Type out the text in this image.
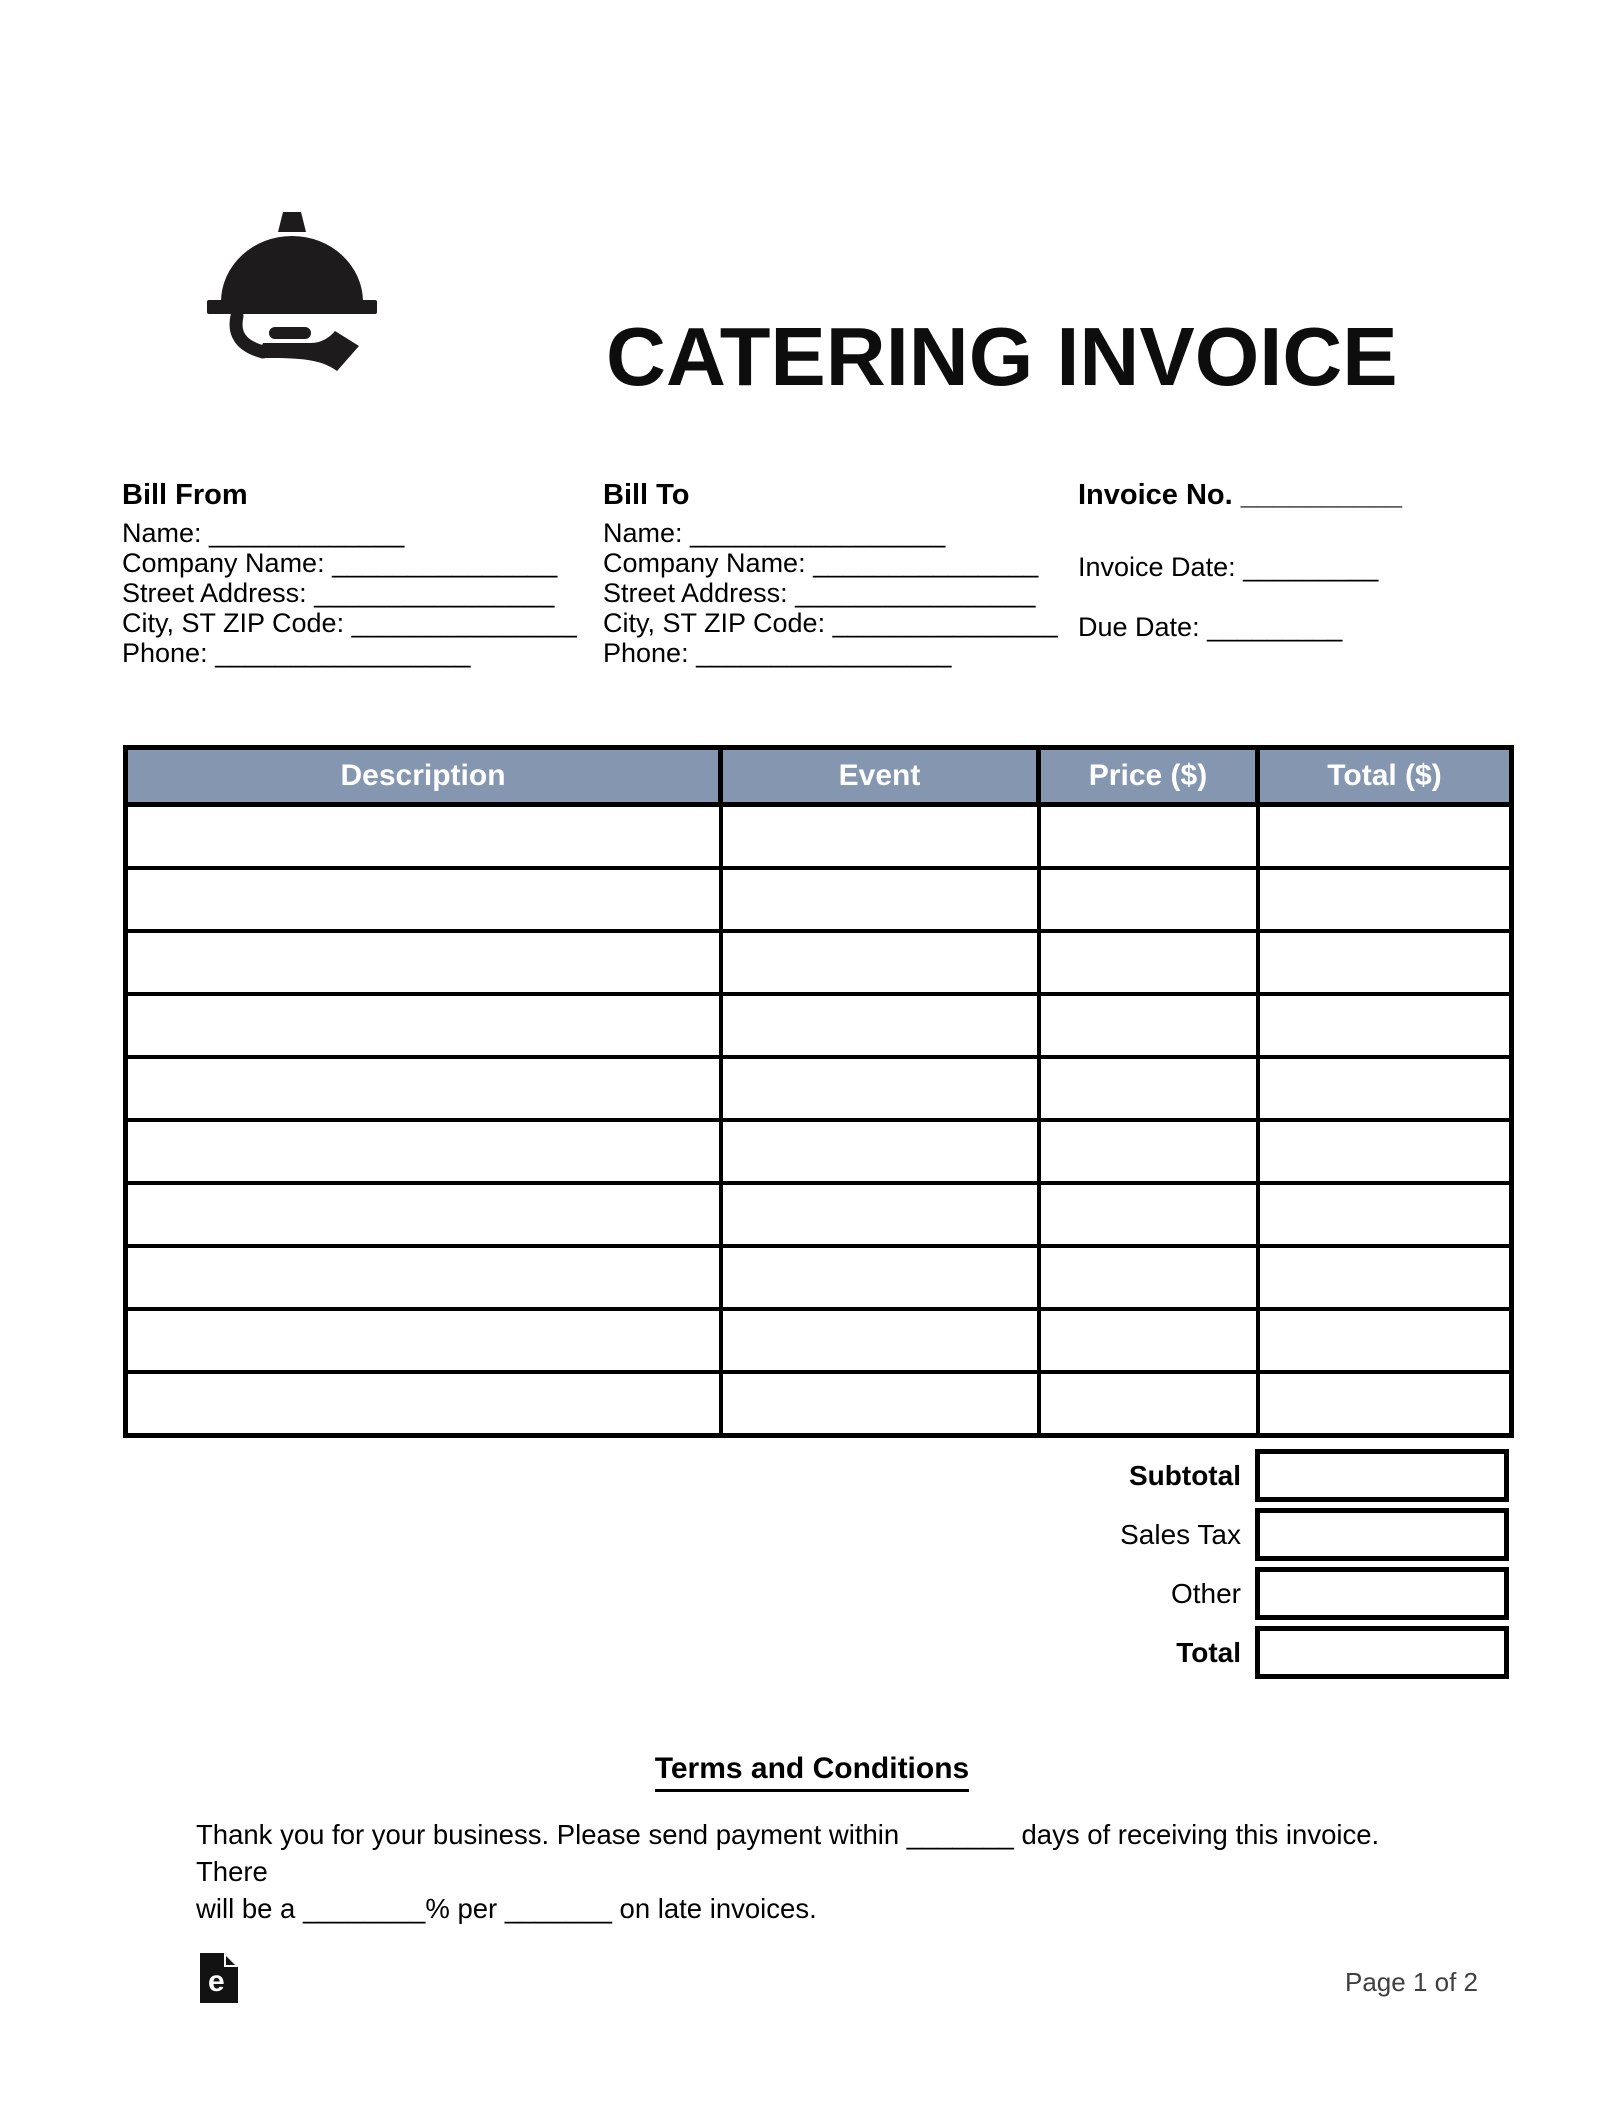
CATERING INVOICE
Bill From
Name: _____________
Company Name: _______________
Street Address: ________________
City, ST ZIP Code: _______________
Phone: _________________
Bill To
Name: _________________
Company Name: _______________
Street Address: ________________
City, ST ZIP Code: _______________
Phone: _________________
Invoice No. __________
Invoice Date: _________
Due Date: _________
Description	Event	Price ($)	Total ($)

Subtotal
Sales Tax
Other
Total
Terms and Conditions
Thank you for your business. Please send payment within _______ days of receiving this invoice. There
will be a ________% per _______ on late invoices.
e	Page 1 of 2
